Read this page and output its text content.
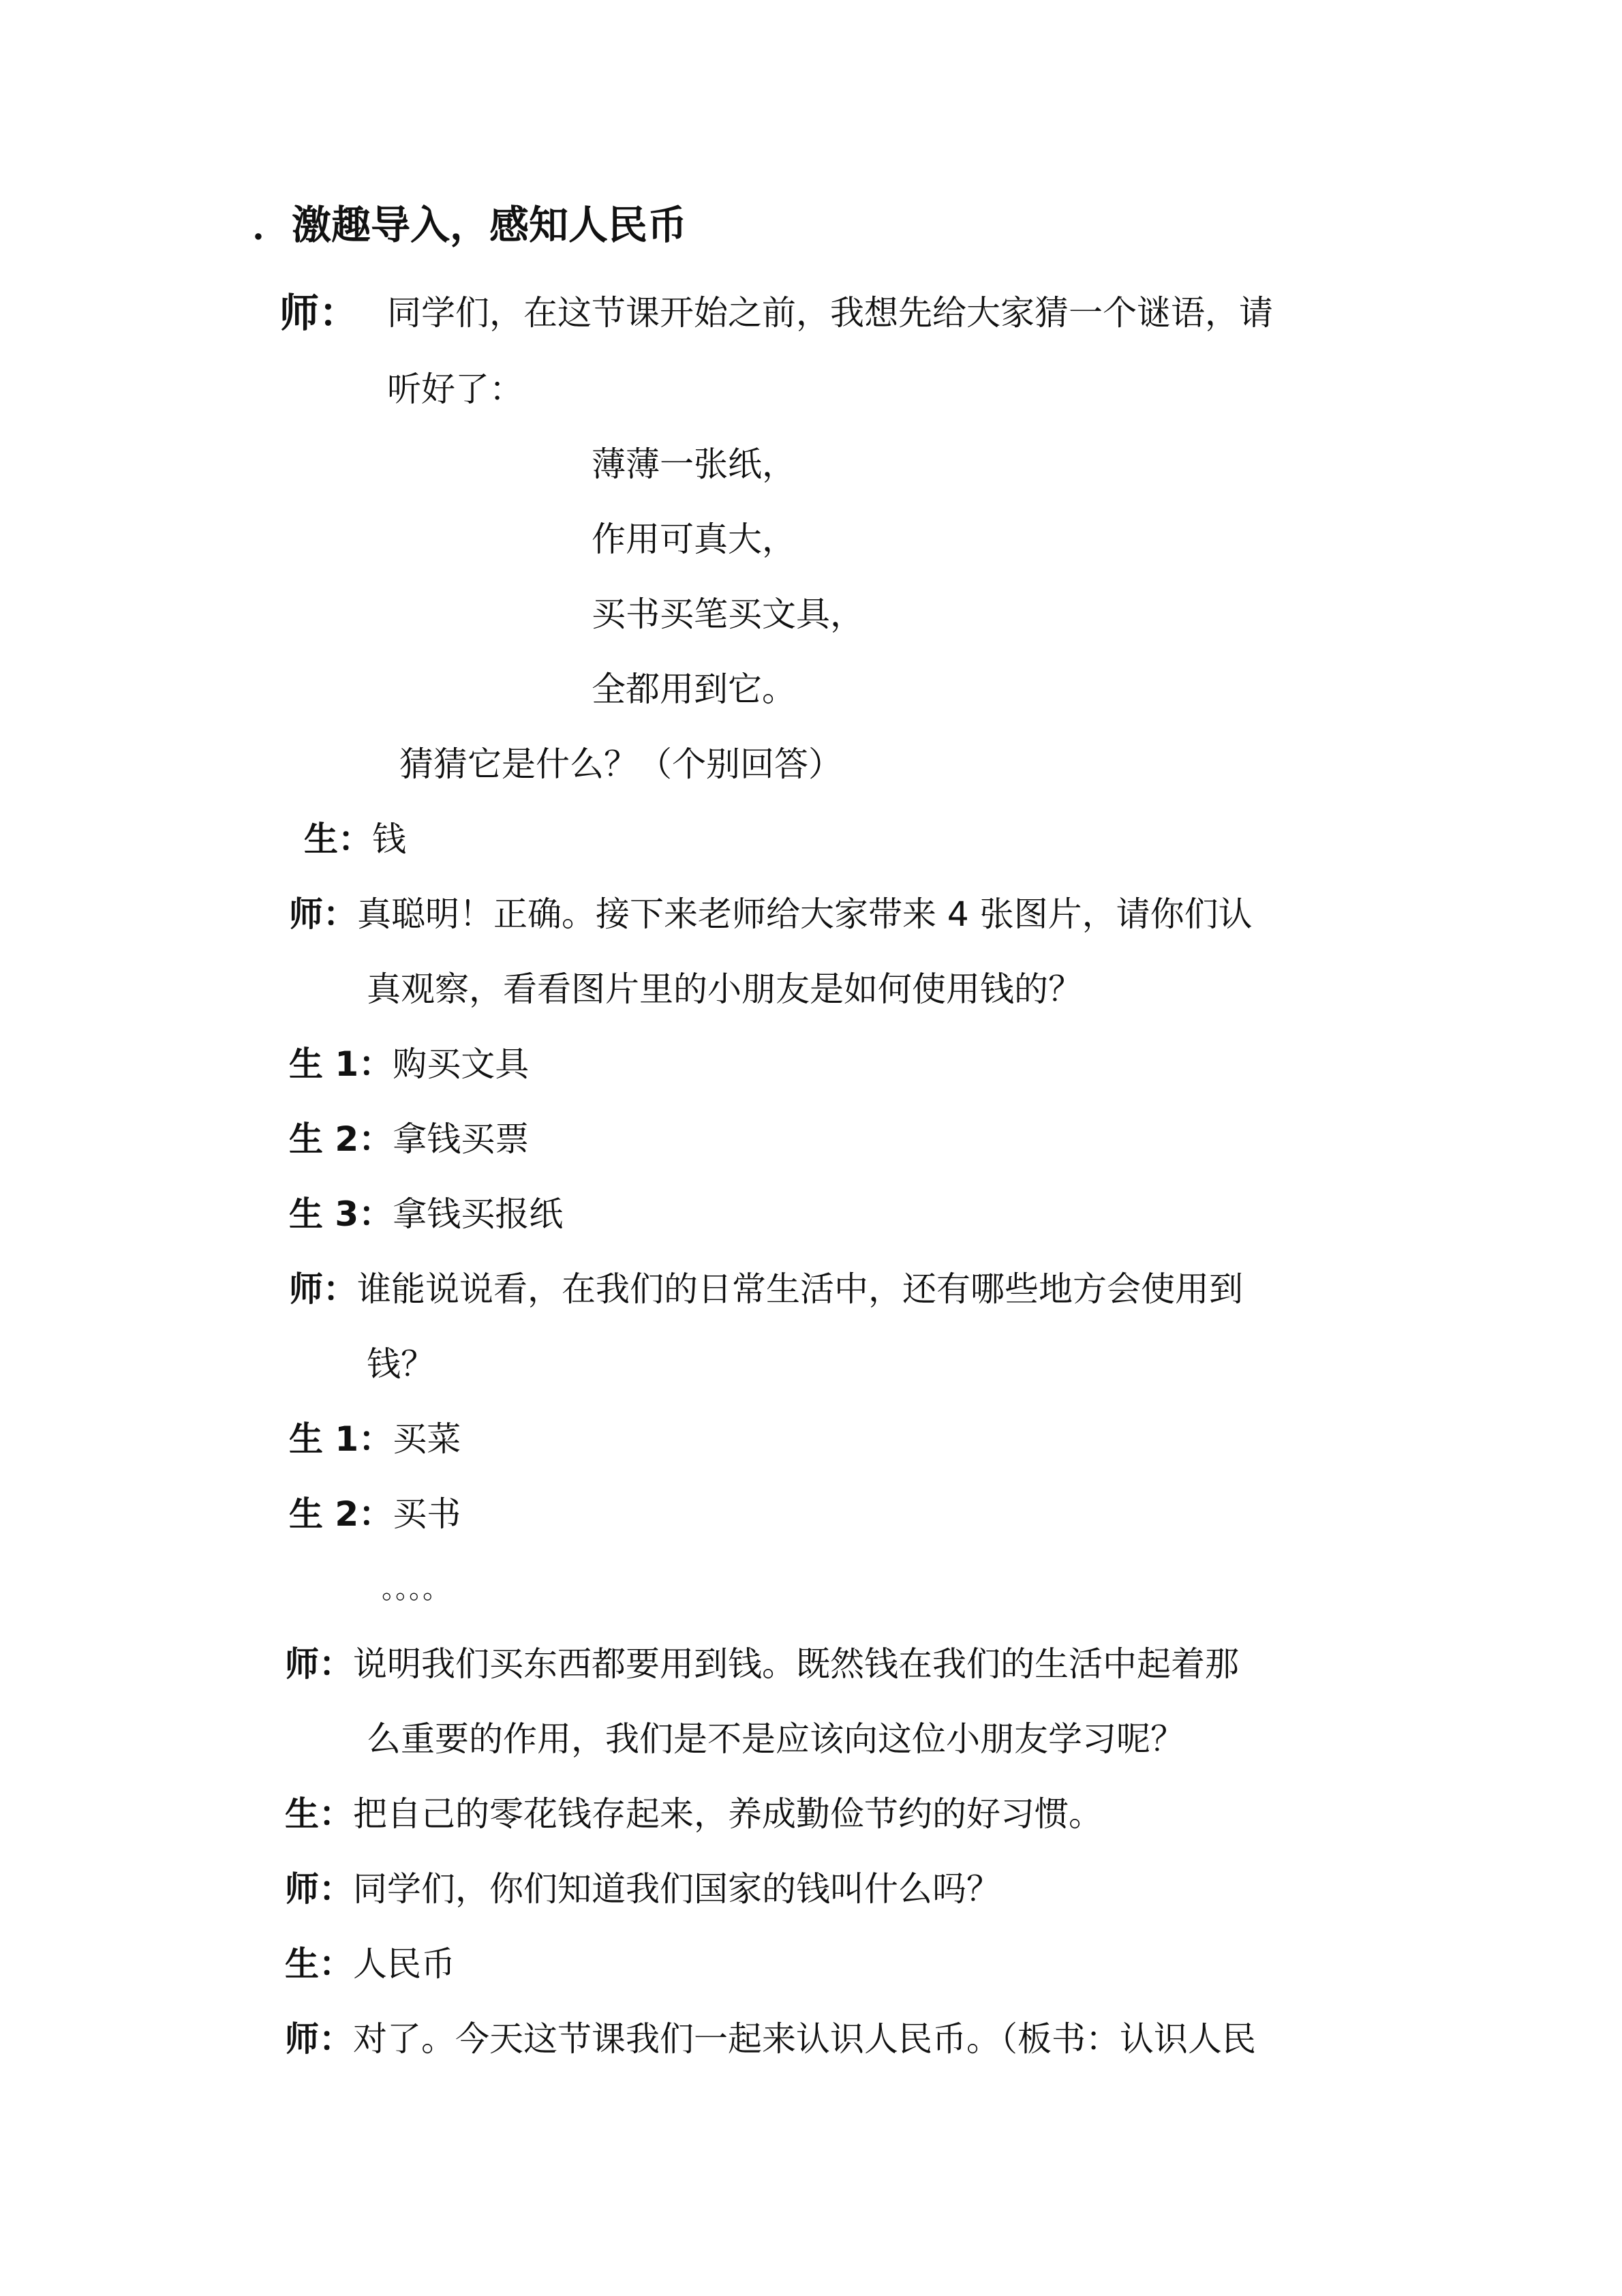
．激趣导入，感知人民币
师： 同学们，在这节课开始之前，我想先给大家猜一个谜语，请
听好了：
薄薄一张纸，
作用可真大，
买书买笔买文具，
全都用到它。
猜猜它是什么？（个别回答）
生：钱
师：真聪明！正确。接下来老师给大家带来 4 张图片，请你们认
真观察，看看图片里的小朋友是如何使用钱的？
生 1：购买文具
生 2：拿钱买票
生 3：拿钱买报纸
师：谁能说说看，在我们的日常生活中，还有哪些地方会使用到
钱？
生 1：买菜
生 2：买书
。。。。
师：说明我们买东西都要用到钱。既然钱在我们的生活中起着那
么重要的作用，我们是不是应该向这位小朋友学习呢？
生：把自己的零花钱存起来，养成勤俭节约的好习惯。
师：同学们，你们知道我们国家的钱叫什么吗？
生：人民币
师：对了。今天这节课我们一起来认识人民币。（板书：认识人民
